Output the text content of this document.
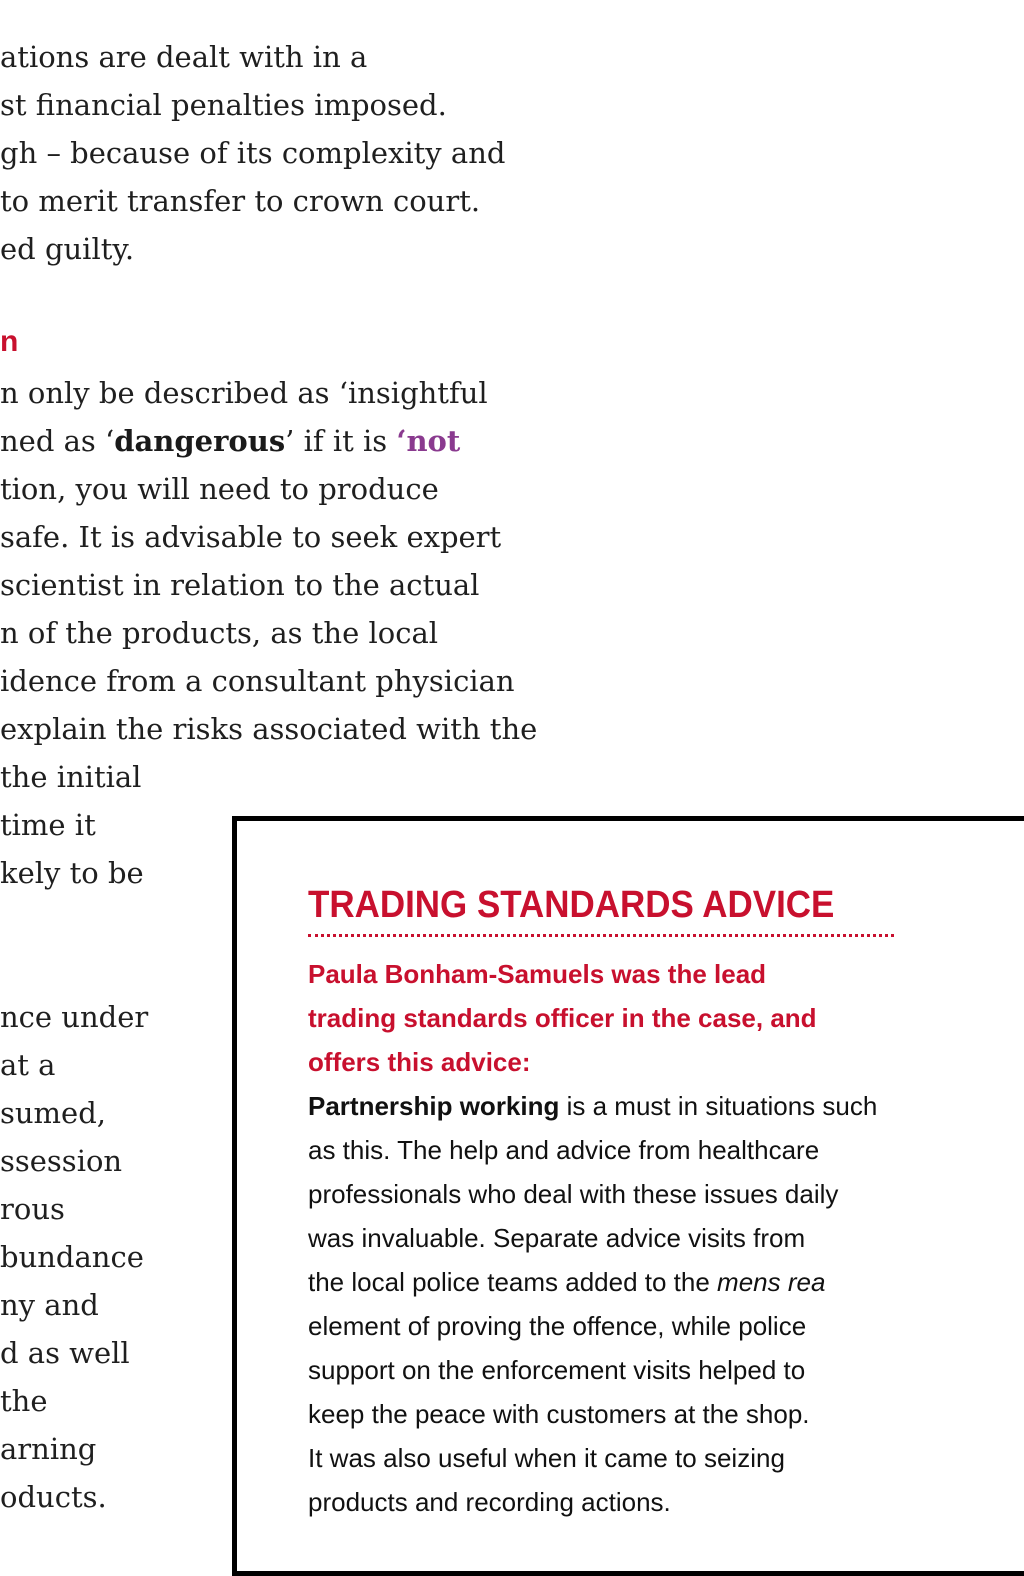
ations are dealt with in a
st financial penalties imposed.
gh – because of its complexity and
to merit transfer to crown court.
ed guilty.
n
n only be described as ‘insightful
ned as ‘dangerous’ if it is ‘not
tion, you will need to produce
safe. It is advisable to seek expert
scientist in relation to the actual
n of the products, as the local
idence from a consultant physician
explain the risks associated with the
the initial
time it
kely to be
nce under
at a
sumed,
ssession
rous
bundance
ny and
d as well
the
arning
oducts.
TRADING STANDARDS ADVICE
Paula Bonham-Samuels was the lead
trading standards officer in the case, and
offers this advice:
Partnership working is a must in situations such
as this. The help and advice from healthcare
professionals who deal with these issues daily
was invaluable. Separate advice visits from
the local police teams added to the mens rea
element of proving the offence, while police
support on the enforcement visits helped to
keep the peace with customers at the shop.
It was also useful when it came to seizing
products and recording actions.
